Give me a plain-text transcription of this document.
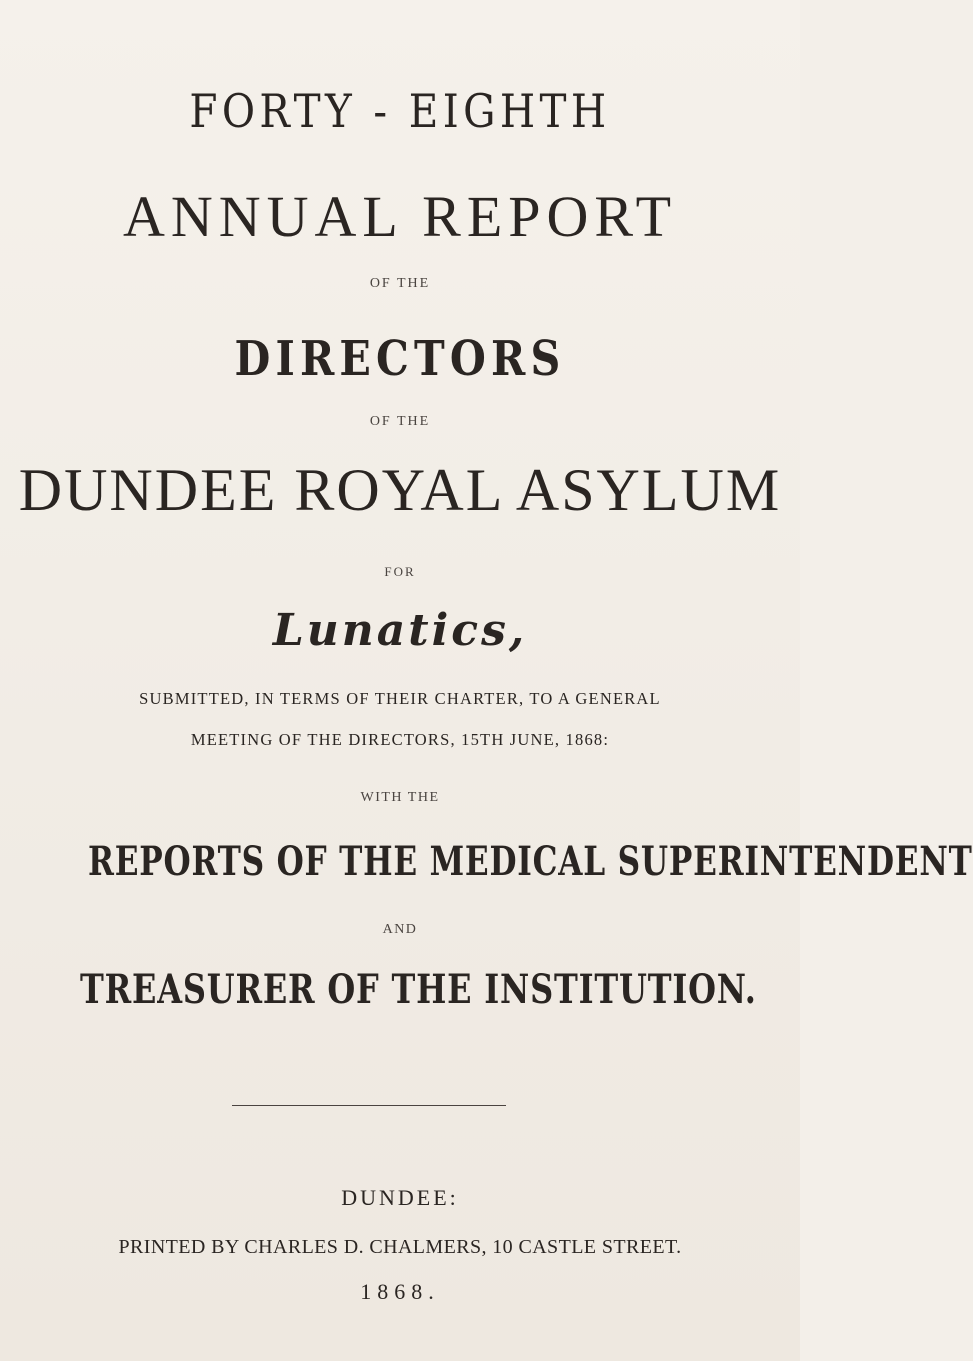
FORTY - EIGHTH
ANNUAL REPORT
OF THE
DIRECTORS
OF THE
DUNDEE ROYAL ASYLUM
FOR
Lunatics,
SUBMITTED, IN TERMS OF THEIR CHARTER, TO A GENERAL
MEETING OF THE DIRECTORS, 15TH JUNE, 1868:
WITH THE
REPORTS OF THE MEDICAL SUPERINTENDENT
AND
TREASURER OF THE INSTITUTION.
DUNDEE:
PRINTED BY CHARLES D. CHALMERS, 10 CASTLE STREET.
1868.
